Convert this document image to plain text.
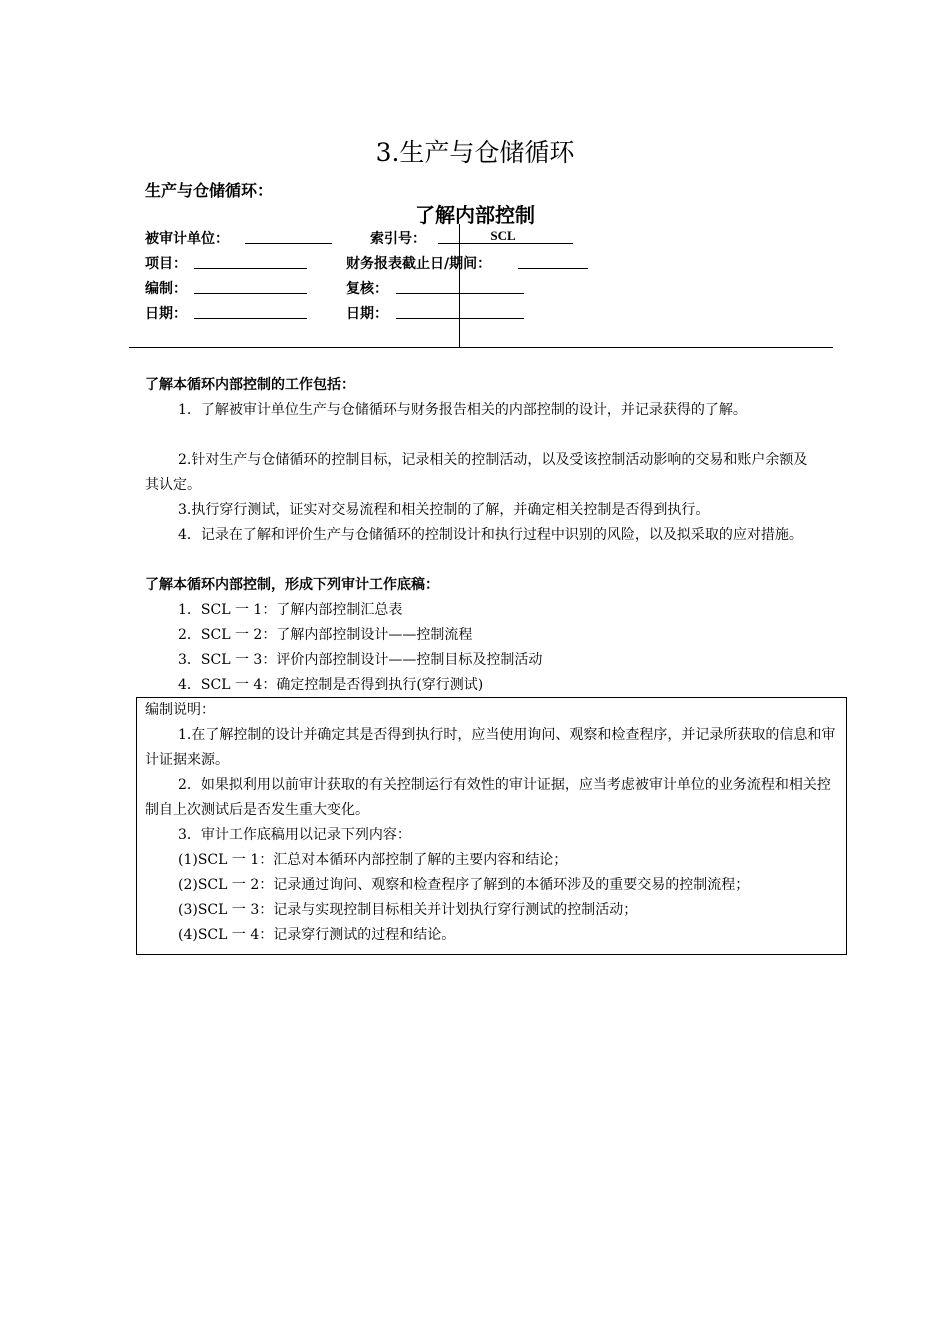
3.生产与仓储循环
生产与仓储循环：
了解内部控制
被审计单位：	索引号：	SCL
项目：	财务报表截止日/期间：
编制：	复核：
日期：	日期：
了解本循环内部控制的工作包括：
1．了解被审计单位生产与仓储循环与财务报告相关的内部控制的设计，并记录获得的了解。
2.针对生产与仓储循环的控制目标，记录相关的控制活动，以及受该控制活动影响的交易和账户余额及其认定。
3.执行穿行测试，证实对交易流程和相关控制的了解，并确定相关控制是否得到执行。
4．记录在了解和评价生产与仓储循环的控制设计和执行过程中识别的风险，以及拟采取的应对措施。
了解本循环内部控制，形成下列审计工作底稿：
1．SCL 一 1：了解内部控制汇总表
2．SCL 一 2：了解内部控制设计——控制流程
3．SCL 一 3：评价内部控制设计——控制目标及控制活动
4．SCL 一 4：确定控制是否得到执行(穿行测试)
编制说明：
1.在了解控制的设计并确定其是否得到执行时，应当使用询问、观察和检查程序，并记录所获取的信息和审计证据来源。
2．如果拟利用以前审计获取的有关控制运行有效性的审计证据，应当考虑被审计单位的业务流程和相关控制自上次测试后是否发生重大变化。
3．审计工作底稿用以记录下列内容：
(1)SCL 一 1：汇总对本循环内部控制了解的主要内容和结论；
(2)SCL 一 2：记录通过询问、观察和检查程序了解到的本循环涉及的重要交易的控制流程；
(3)SCL 一 3：记录与实现控制目标相关并计划执行穿行测试的控制活动；
(4)SCL 一 4：记录穿行测试的过程和结论。
